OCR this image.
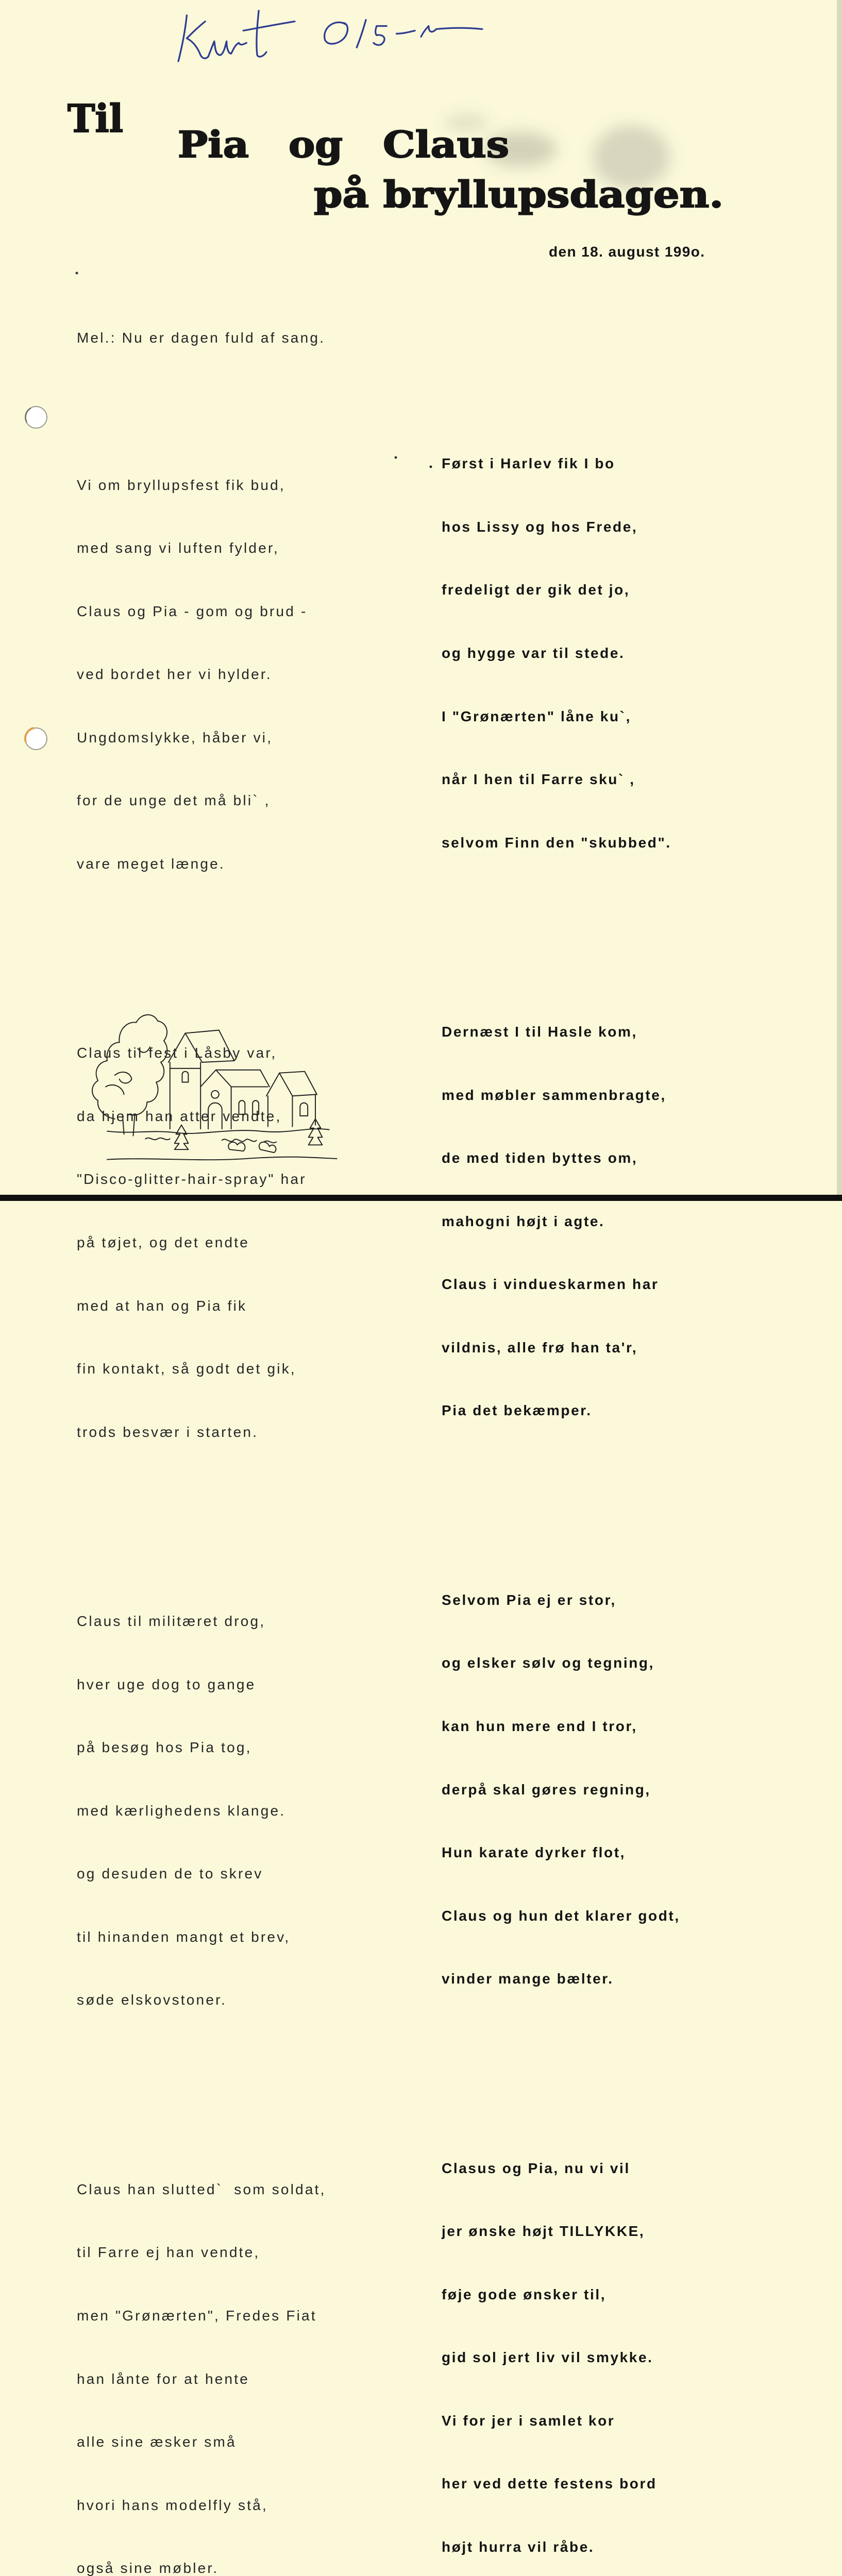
Til
Pia og Claus
på bryllupsdagen.
den 18. august 199o.

Mel.: Nu er dagen fuld af sang.

Vi om bryllupsfest fik bud,

med sang vi luften fylder,

Claus og Pia - gom og brud -

ved bordet her vi hylder.

Ungdomslykke, håber vi,

for de unge det må bli` ,

vare meget længe.

Claus til fest i Låsby var,

da hjem han atter vendte,

"Disco-glitter-hair-spray" har

på tøjet, og det endte

med at han og Pia fik

fin kontakt, så godt det gik,

trods besvær i starten.

Claus til militæret drog,

hver uge dog to gange

på besøg hos Pia tog,

med kærlighedens klange.

og desuden de to skrev

til hinanden mangt et brev,

søde elskovstoner.

Claus han slutted`  som soldat,

til Farre ej han vendte,

men "Grønærten", Fredes Fiat

han lånte for at hente

alle sine æsker små

hvori hans modelfly stå,

også sine møbler.

Først i Harlev fik I bo

hos Lissy og hos Frede,

fredeligt der gik det jo,

og hygge var til stede.

I "Grønærten" låne ku`,

når I hen til Farre sku` ,

selvom Finn den "skubbed".

Dernæst I til Hasle kom,

med møbler sammenbragte,

de med tiden byttes om,

mahogni højt i agte.

Claus i vindueskarmen har

vildnis, alle frø han ta'r,

Pia det bekæmper.

Selvom Pia ej er stor,

og elsker sølv og tegning,

kan hun mere end I tror,

derpå skal gøres regning,

Hun karate dyrker flot,

Claus og hun det klarer godt,

vinder mange bælter.

Clasus og Pia, nu vi vil

jer ønske højt TILLYKKE,

føje gode ønsker til,

gid sol jert liv vil smykke.

Vi for jer i samlet kor

her ved dette festens bord

højt hurra vil råbe.
